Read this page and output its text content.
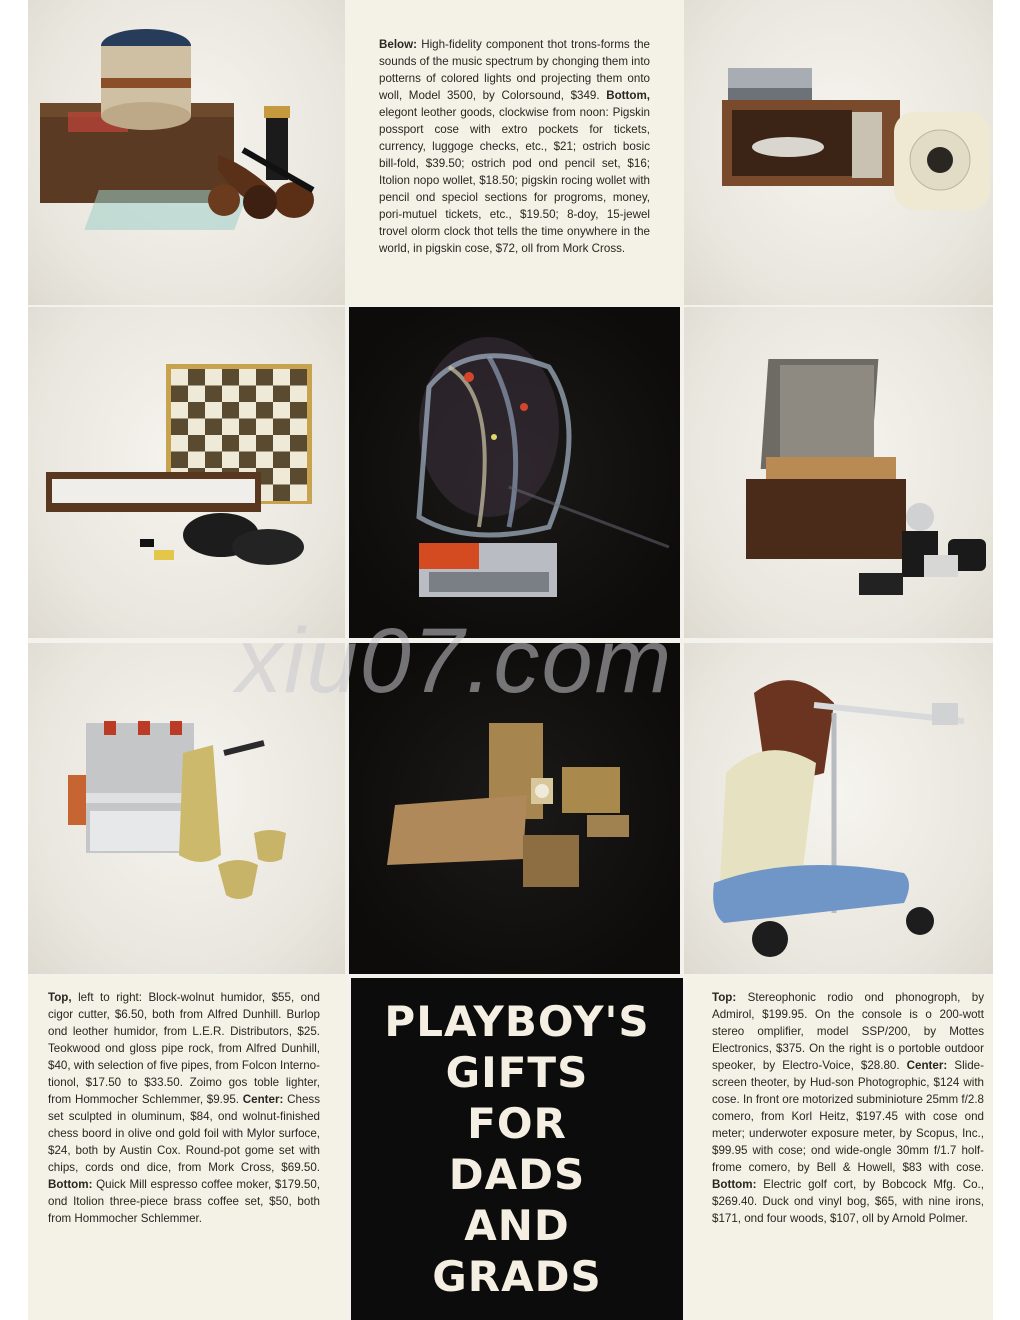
Below: High-fidelity component thot trons-forms the sounds of the music spectrum by chonging them into potterns of colored lights ond projecting them onto woll, Model 3500, by Colorsound, $349. Bottom, elegont leother goods, clockwise from noon: Pigskin possport cose with extro pockets for tickets, currency, luggoge checks, etc., $21; ostrich bosic bill-fold, $39.50; ostrich pod ond pencil set, $16; Itolion nopo wollet, $18.50; pigskin rocing wollet with pencil ond speciol sections for progroms, money, pori-mutuel tickets, etc., $19.50; 8-doy, 15-jewel trovel olorm clock thot tells the time onywhere in the world, in pigskin cose, $72, oll from Mork Cross.

Top, left to right: Block-wolnut humidor, $55, ond cigor cutter, $6.50, both from Alfred Dunhill. Burlop ond leother humidor, from L.E.R. Distributors, $25. Teokwood ond gloss pipe rock, from Alfred Dunhill, $40, with selection of five pipes, from Folcon Interno-tionol, $17.50 to $33.50. Zoimo gos toble lighter, from Hommocher Schlemmer, $9.95. Center: Chess set sculpted in oluminum, $84, ond wolnut-finished chess boord in olive ond gold foil with Mylor surfoce, $24, both by Austin Cox. Round-pot gome set with chips, cords ond dice, from Mork Cross, $69.50. Bottom: Quick Mill espresso coffee moker, $179.50, ond Itolion three-piece brass coffee set, $50, both from Hommocher Schlemmer.

PLAYBOY'S
GIFTS
FOR
DADS
AND
GRADS

Top: Stereophonic rodio ond phonogroph, by Admirol, $199.95. On the console is o 200-wott stereo omplifier, model SSP/200, by Mottes Electronics, $375. On the right is o portoble outdoor speoker, by Electro-Voice, $28.80. Center: Slide-screen theoter, by Hud-son Photogrophic, $124 with cose. In front ore motorized subminioture 25mm f/2.8 comero, from Korl Heitz, $197.45 with cose ond meter; underwoter exposure meter, by Scopus, Inc., $99.95 with cose; ond wide-ongle 30mm f/1.7 holf-frome comero, by Bell & Howell, $83 with cose. Bottom: Electric golf cort, by Bobcock Mfg. Co., $269.40. Duck ond vinyl bog, $65, with nine irons, $171, ond four woods, $107, oll by Arnold Polmer.

xiu07.com
